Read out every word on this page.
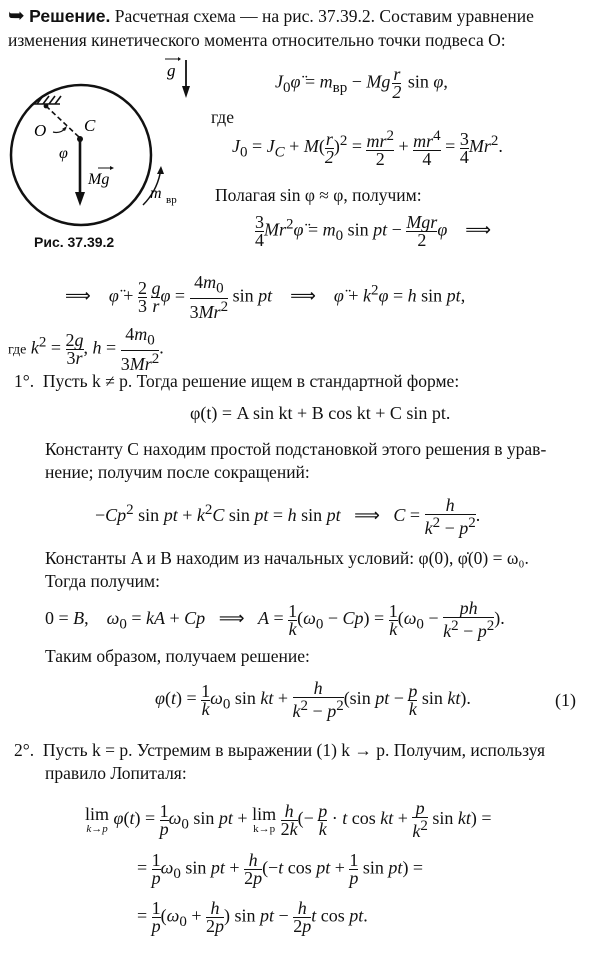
➥ Решение. Расчетная схема — на рис. 37.39.2. Составим уравнение
изменения кинетического момента относительно точки подвеса O:
g
O C
φ
Mg
m вр
Рис. 37.39.2
$J_0\varphï = m_{вр} - Mg \frac{r}{2}$ sin φ,
где
$J_0 = J_C + M( \frac{r}{2} )^2 = \frac{mr^2}{2} + \frac{mr^4}{4} = \frac{3}{4} Mr^2$.
Полагая sin φ ≈ φ, получим:
$\frac{3}{4}$ $Mr^2\varphï = m_0$ sin pt − Mgr
2
φ    ⟹
⟹    φ̈ + $\frac{2}{3}$
$\frac{g}{r}$ $\varphi = \frac{4m_0}{3Mr^2}$ sin pt    ⟹    φ̈ + $k^2\varphi = h$ sin pt,
где $k^2 = \frac{2g}{3r}$ , $h = \frac{4m_0}{3Mr^2}$ .
1°. Пусть k ≠ p. Тогда решение ищем в стандартной форме:
φ(t) = A sin kt + B cos kt + C sin pt.
Константу C находим простой подстановкой этого решения в урав-
нение; получим после сокращений:
$-Cp^2$ sin pt + $k^2C$ sin pt = h sin pt   ⟹   $C = \frac{h}{k^2 - p^2}$ .
Константы A и B находим из начальных условий: φ(0), φ̇(0) = ω₀.
Тогда получим:
0 = B,    $\omega_0$ = kA + Cp   ⟹   $A = \frac{1}{k} (\omega_0 - Cp) = \frac{1}{k} (\omega_0 - \frac{ph}{k^2 - p^2}$ ).
Таким образом, получаем решение:
$\varphi(t) = \frac{1}{k} \omega_0$ sin kt + $\frac{h}{k^2 - p^2} (\sin$ pt − $\frac{p}{k}$ sin kt).	(1)
2°. Пусть k = p. Устремим в выражении (1) k → p. Получим, используя
правило Лопиталя:
lim
k→p
$\varphi(t) = \frac{1}{p} \omega_0$ sin pt + lim
k→p
$\frac{h}{2k}$ (− $\frac{p}{k} \cdot t$ cos kt + $\frac{p}{k^2}$ sin kt) =
= $\frac{1}{p} \omega_0$ sin pt + $\frac{h}{2p} (-t$ cos pt + $\frac{1}{p}$ sin pt) =
= $\frac{1}{p} (\omega_0 + \frac{h}{2p}$ ) sin pt − $\frac{h}{2p}$ t cos pt.
